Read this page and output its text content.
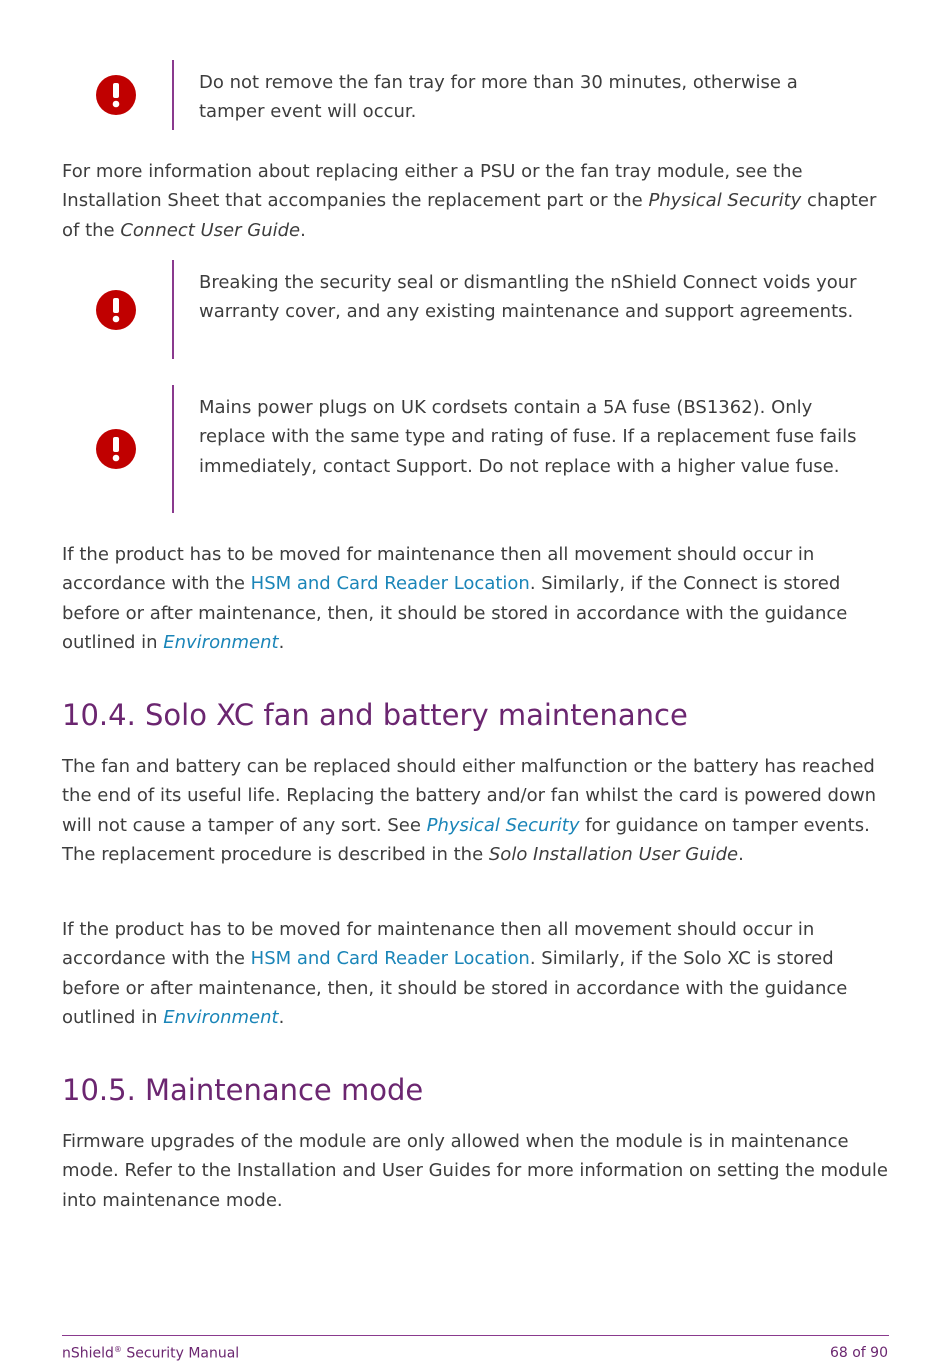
Do not remove the fan tray for more than 30 minutes, otherwise a tamper event will occur.

For more information about replacing either a PSU or the fan tray module, see the Installation Sheet that accompanies the replacement part or the Physical Security chapter of the Connect User Guide.

Breaking the security seal or dismantling the nShield Connect voids your warranty cover, and any existing maintenance and support agreements.

Mains power plugs on UK cordsets contain a 5A fuse (BS1362). Only replace with the same type and rating of fuse. If a replacement fuse fails immediately, contact Support. Do not replace with a higher value fuse.

If the product has to be moved for maintenance then all movement should occur in accordance with the HSM and Card Reader Location. Similarly, if the Connect is stored before or after maintenance, then, it should be stored in accordance with the guidance outlined in Environment.

10.4. Solo XC fan and battery maintenance

The fan and battery can be replaced should either malfunction or the battery has reached the end of its useful life. Replacing the battery and/or fan whilst the card is powered down will not cause a tamper of any sort. See Physical Security for guidance on tamper events. The replacement procedure is described in the Solo Installation User Guide.

If the product has to be moved for maintenance then all movement should occur in accordance with the HSM and Card Reader Location. Similarly, if the Solo XC is stored before or after maintenance, then, it should be stored in accordance with the guidance outlined in Environment.

10.5. Maintenance mode

Firmware upgrades of the module are only allowed when the module is in maintenance mode. Refer to the Installation and User Guides for more information on setting the module into maintenance mode.

nShield® Security Manual	68 of 90
